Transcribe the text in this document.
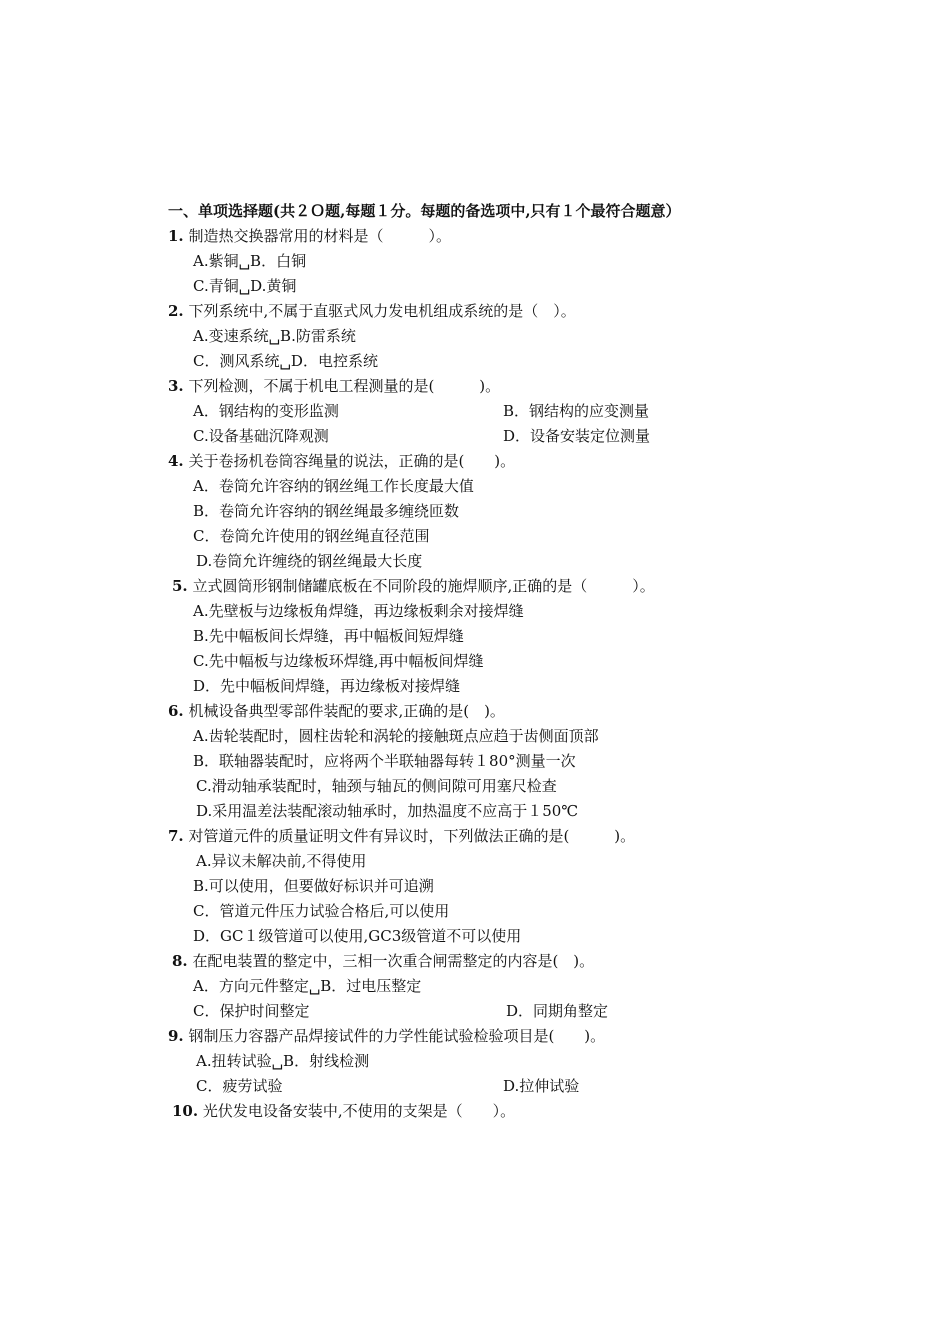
一、单项选择题(共２Ｏ题,每题１分。每题的备选项中,只有１个最符合题意）
1. 制造热交换器常用的材料是（　　　）。
A.紫铜␣B．白铜
C.青铜␣D.黄铜
2. 下列系统中,不属于直驱式风力发电机组成系统的是（　）。
A.变速系统␣B.防雷系统
C．测风系统␣D．电控系统
3. 下列检测，不属于机电工程测量的是(　　　)。
A．钢结构的变形监测	B．钢结构的应变测量
C.设备基础沉降观测	D．设备安装定位测量
4. 关于卷扬机卷筒容绳量的说法，正确的是(　　)。
A．卷筒允许容纳的钢丝绳工作长度最大值
B．卷筒允许容纳的钢丝绳最多缠绕匝数
C．卷筒允许使用的钢丝绳直径范围
D.卷筒允许缠绕的钢丝绳最大长度
5. 立式圆筒形钢制储罐底板在不同阶段的施焊顺序,正确的是（　　　）。
A.先壁板与边缘板角焊缝，再边缘板剩余对接焊缝
B.先中幅板间长焊缝，再中幅板间短焊缝
C.先中幅板与边缘板环焊缝,再中幅板间焊缝
D．先中幅板间焊缝，再边缘板对接焊缝
6. 机械设备典型零部件装配的要求,正确的是(　)。
A.齿轮装配时，圆柱齿轮和涡轮的接触斑点应趋于齿侧面顶部
B．联轴器装配时，应将两个半联轴器每转１80°测量一次
C.滑动轴承装配时，轴颈与轴瓦的侧间隙可用塞尺检查
D.采用温差法装配滚动轴承时，加热温度不应高于１50℃
7. 对管道元件的质量证明文件有异议时，下列做法正确的是(　　　)。
A.异议未解决前,不得使用
B.可以使用，但要做好标识并可追溯
C．管道元件压力试验合格后,可以使用
D．GC１级管道可以使用,GC3级管道不可以使用
8. 在配电装置的整定中，三相一次重合闸需整定的内容是(　)。
A．方向元件整定␣B．过电压整定
C．保护时间整定	D．同期角整定
9. 钢制压力容器产品焊接试件的力学性能试验检验项目是(　　)。
A.扭转试验␣B．射线检测
C．疲劳试验	D.拉伸试验
10. 光伏发电设备安装中,不使用的支架是（　　）。
